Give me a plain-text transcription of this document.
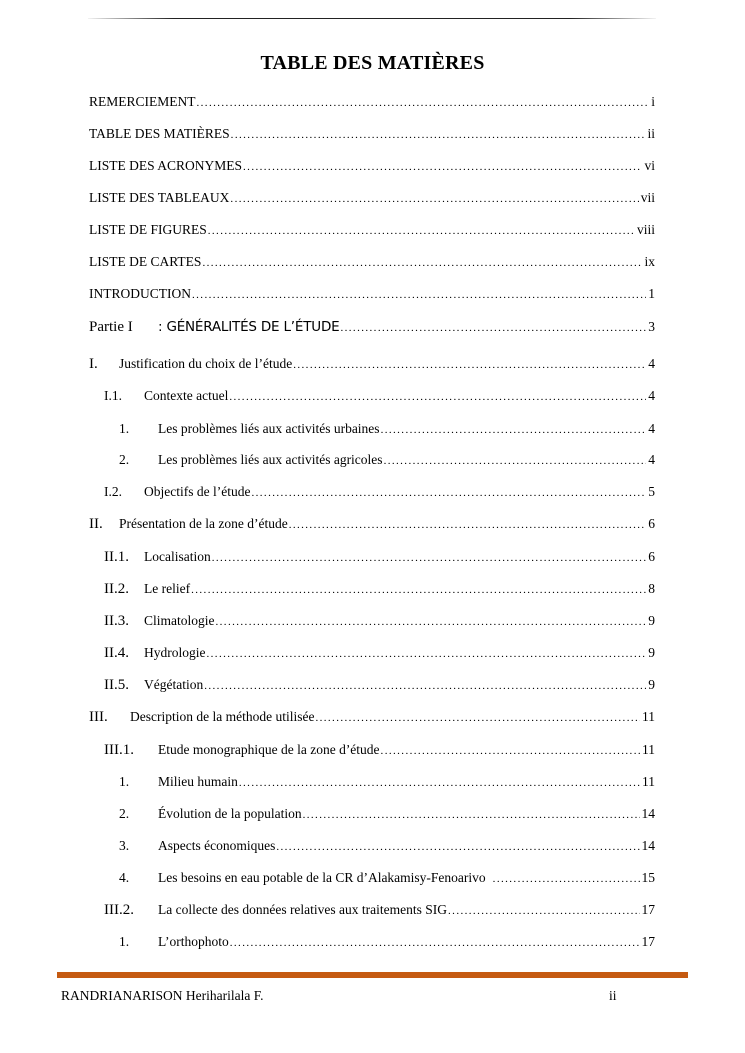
TABLE DES MATIÈRES
REMERCIEMENT .....	i
TABLE DES MATIÈRES .....	ii
LISTE DES ACRONYMES .....	vi
LISTE DES TABLEAUX .....	vii
LISTE DE FIGURES .....	viii
LISTE DE CARTES .....	ix
INTRODUCTION .....	1
Partie I	: GÉNÉRALITÉS DE L’ÉTUDE .....	3
I.	Justification du choix de l’étude .....	4
I.1.	Contexte actuel .....	4
1.	Les problèmes liés aux activités urbaines .....	4
2.	Les problèmes liés aux activités agricoles .....	4
I.2.	Objectifs de l’étude .....	5
II.	Présentation de la zone d’étude .....	6
II.1.	Localisation .....	6
II.2.	Le relief .....	8
II.3.	Climatologie .....	9
II.4.	Hydrologie .....	9
II.5.	Végétation .....	9
III.	Description de la méthode utilisée .....	11
III.1.	Etude monographique de la zone d’étude .....	11
1.	Milieu humain .....	11
2.	Évolution de la population .....	14
3.	Aspects économiques .....	14
4.	Les besoins en eau potable de la CR d’Alakamisy-Fenoarivo .....	15
III.2.	La collecte des données relatives aux traitements SIG .....	17
1.	L’orthophoto .....	17
RANDRIANARISON Heriharilala F.	ii
